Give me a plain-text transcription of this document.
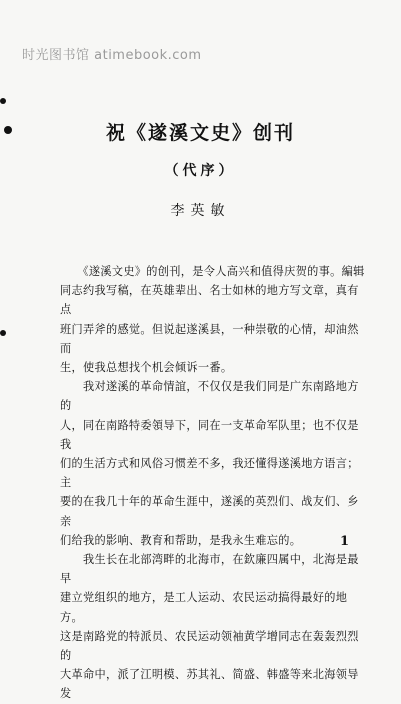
时光图书馆 atimebook.com
祝《遂溪文史》创刊
（代序）
李英敏

　　《遂溪文史》的创刊，是令人高兴和值得庆贺的事。編辑

同志约我写稿，在英雄辈出、名士如林的地方写文章，真有点

班门弄斧的感觉。但说起遂溪县，一种崇敬的心情，却油然而

生，使我总想找个机会倾诉一番。

　　我对遂溪的革命情誼，不仅仅是我们同是广东南路地方的

人，同在南路特委領导下，同在一支革命军队里；也不仅是我

们的生活方式和风俗习惯差不多，我还懂得遂溪地方语言；主

要的在我几十年的革命生涯中，遂溪的英烈们、战友们、乡亲

们给我的影响、教育和帮助，是我永生难忘的。

　　我生长在北部湾畔的北海市，在欽廉四属中，北海是最早

建立党组织的地方，是工人运动、农民运动搞得最好的地方。

这是南路党的特派员、农民运动领袖黄学增同志在轰轰烈烈的

大革命中，派了江明模、苏其礼、简盛、韩盛等来北海领导发

1
